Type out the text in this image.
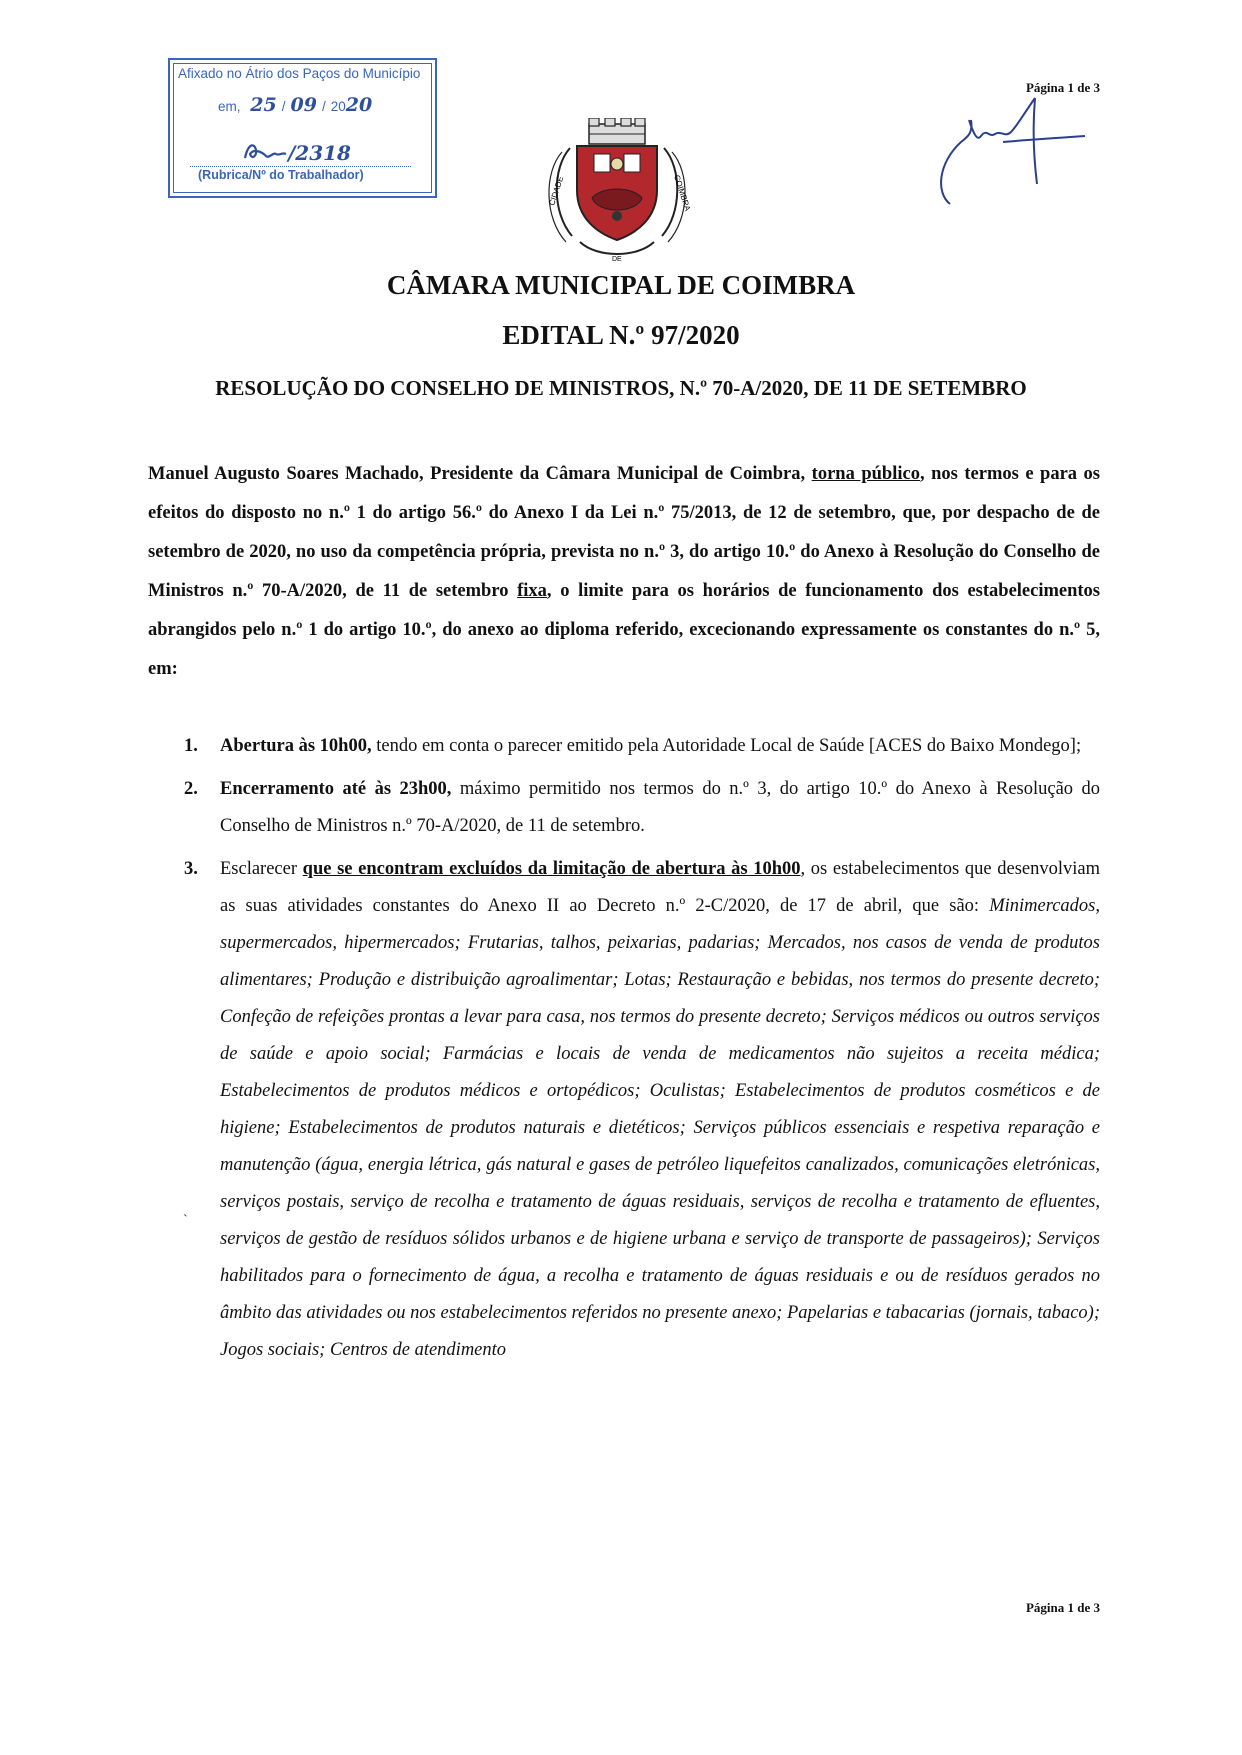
Afixado no Átrio dos Paços do Município
em, 25 / 09 / 2020
/2318
(Rubrica/Nº do Trabalhador)
Página 1 de 3
CIDADE	COIMBRA
DE
CÂMARA MUNICIPAL DE COIMBRA
EDITAL N.º 97/2020
RESOLUÇÃO DO CONSELHO DE MINISTROS, N.º 70-A/2020, DE 11 DE SETEMBRO
Manuel Augusto Soares Machado, Presidente da Câmara Municipal de Coimbra, torna público, nos termos e para os efeitos do disposto no n.º 1 do artigo 56.º do Anexo I da Lei n.º 75/2013, de 12 de setembro, que, por despacho de de setembro de 2020, no uso da competência própria, prevista no n.º 3, do artigo 10.º do Anexo à Resolução do Conselho de Ministros n.º 70-A/2020, de 11 de setembro fixa, o limite para os horários de funcionamento dos estabelecimentos abrangidos pelo n.º 1 do artigo 10.º, do anexo ao diploma referido, excecionando expressamente os constantes do n.º 5, em:
1. Abertura às 10h00, tendo em conta o parecer emitido pela Autoridade Local de Saúde [ACES do Baixo Mondego];
2. Encerramento até às 23h00, máximo permitido nos termos do n.º 3, do artigo 10.º do Anexo à Resolução do Conselho de Ministros n.º 70-A/2020, de 11 de setembro.
3. Esclarecer que se encontram excluídos da limitação de abertura às 10h00, os estabelecimentos que desenvolviam as suas atividades constantes do Anexo II ao Decreto n.º 2-C/2020, de 17 de abril, que são: Minimercados, supermercados, hipermercados; Frutarias, talhos, peixarias, padarias; Mercados, nos casos de venda de produtos alimentares; Produção e distribuição agroalimentar; Lotas; Restauração e bebidas, nos termos do presente decreto; Confeção de refeições prontas a levar para casa, nos termos do presente decreto; Serviços médicos ou outros serviços de saúde e apoio social; Farmácias e locais de venda de medicamentos não sujeitos a receita médica; Estabelecimentos de produtos médicos e ortopédicos; Oculistas; Estabelecimentos de produtos cosméticos e de higiene; Estabelecimentos de produtos naturais e dietéticos; Serviços públicos essenciais e respetiva reparação e manutenção (água, energia létrica, gás natural e gases de petróleo liquefeitos canalizados, comunicações eletrónicas, serviços postais, serviço de recolha e tratamento de águas residuais, serviços de recolha e tratamento de efluentes, serviços de gestão de resíduos sólidos urbanos e de higiene urbana e serviço de transporte de passageiros); Serviços habilitados para o fornecimento de água, a recolha e tratamento de águas residuais e ou de resíduos gerados no âmbito das atividades ou nos estabelecimentos referidos no presente anexo; Papelarias e tabacarias (jornais, tabaco); Jogos sociais; Centros de atendimento
`
Página 1 de 3
